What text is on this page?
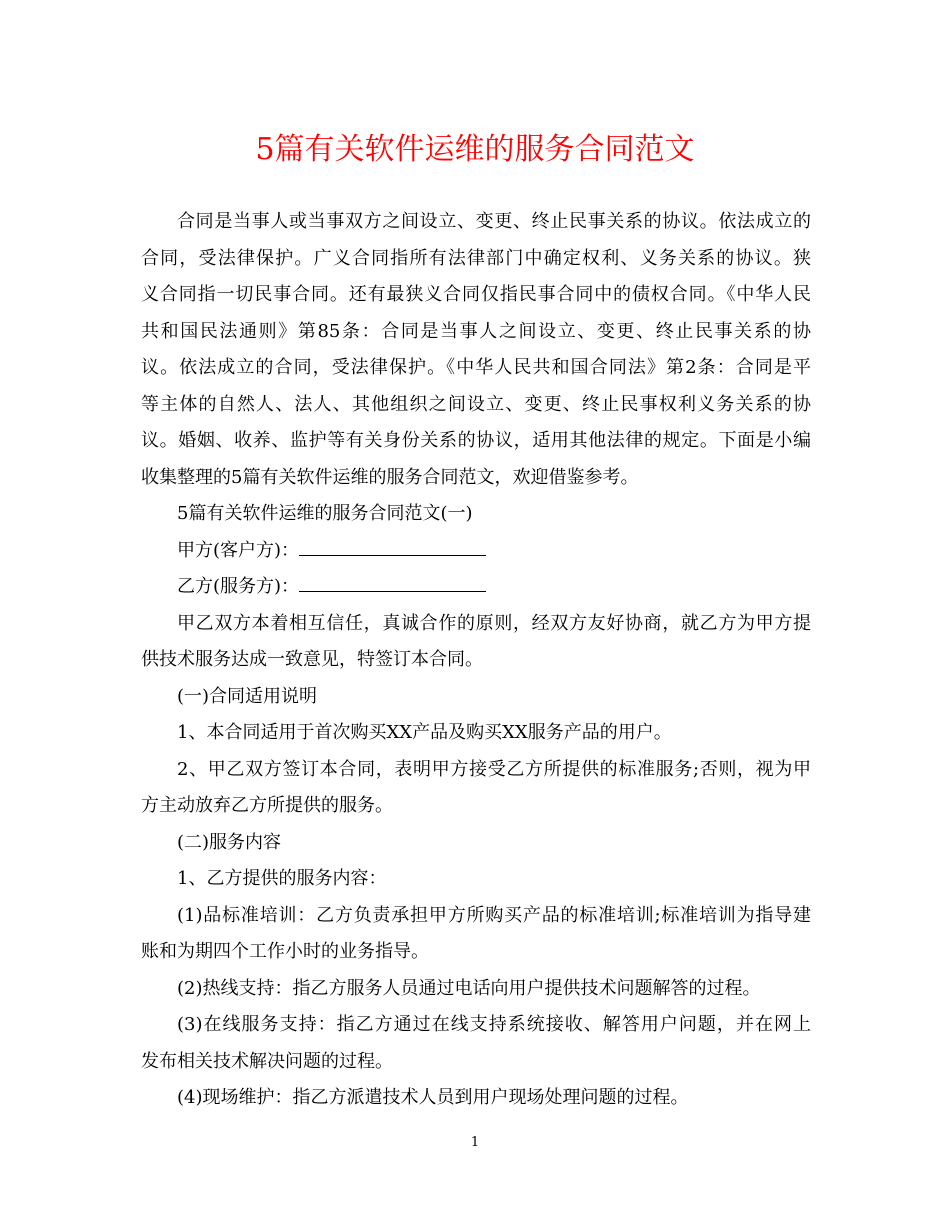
5篇有关软件运维的服务合同范文
合同是当事人或当事双方之间设立、变更、终止民事关系的协议。依法成立的
合同，受法律保护。广义合同指所有法律部门中确定权利、义务关系的协议。狭
义合同指一切民事合同。还有最狭义合同仅指民事合同中的债权合同。《中华人民
共和国民法通则》第85条：合同是当事人之间设立、变更、终止民事关系的协
议。依法成立的合同，受法律保护。《中华人民共和国合同法》第2条：合同是平
等主体的自然人、法人、其他组织之间设立、变更、终止民事权利义务关系的协
议。婚姻、收养、监护等有关身份关系的协议，适用其他法律的规定。下面是小编
收集整理的5篇有关软件运维的服务合同范文，欢迎借鉴参考。
5篇有关软件运维的服务合同范文(一)
甲方(客户方)：
乙方(服务方)：
甲乙双方本着相互信任，真诚合作的原则，经双方友好协商，就乙方为甲方提
供技术服务达成一致意见，特签订本合同。
(一)合同适用说明
1、本合同适用于首次购买XX产品及购买XX服务产品的用户。
2、甲乙双方签订本合同，表明甲方接受乙方所提供的标准服务;否则，视为甲
方主动放弃乙方所提供的服务。
(二)服务内容
1、乙方提供的服务内容：
(1)品标准培训：乙方负责承担甲方所购买产品的标准培训;标准培训为指导建
账和为期四个工作小时的业务指导。
(2)热线支持：指乙方服务人员通过电话向用户提供技术问题解答的过程。
(3)在线服务支持：指乙方通过在线支持系统接收、解答用户问题，并在网上
发布相关技术解决问题的过程。
(4)现场维护：指乙方派遣技术人员到用户现场处理问题的过程。
1
